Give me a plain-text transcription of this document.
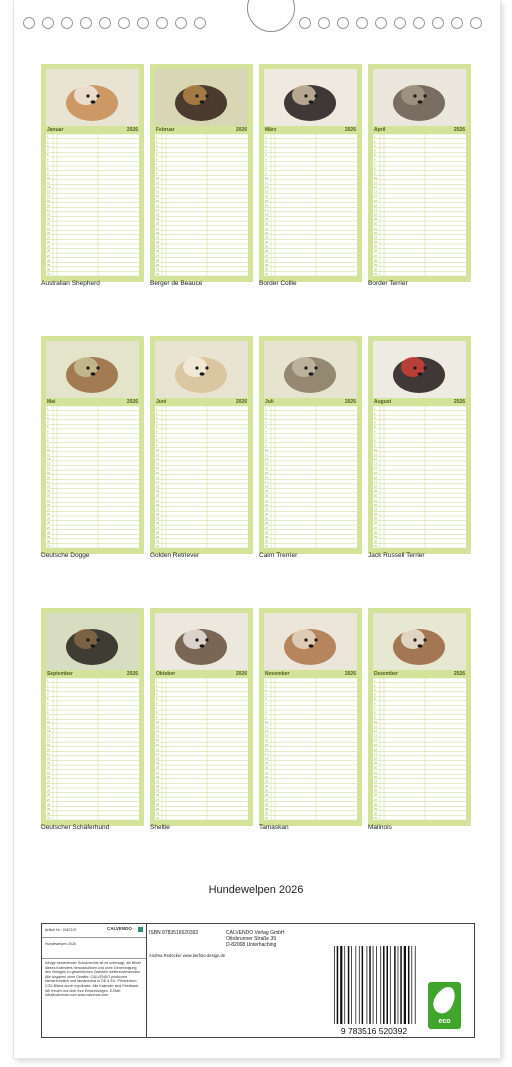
Januar	2026
1
2
3
4
5
6
7
8
9
10
11
12
13
14
15
16
17
18
19
20
21
22
23
24
25
26
27
28
29
30
31
Australian Shepherd
Februar	2026
1
2
3
4
5
6
7
8
9
10
11
12
13
14
15
16
17
18
19
20
21
22
23
24
25
26
27
28
29
30
31
Berger de Beauce
März	2026
1
2
3
4
5
6
7
8
9
10
11
12
13
14
15
16
17
18
19
20
21
22
23
24
25
26
27
28
29
30
31
Border Collie
April	2026
1
2
3
4
5
6
7
8
9
10
11
12
13
14
15
16
17
18
19
20
21
22
23
24
25
26
27
28
29
30
31
Border Terrier
Mai	2026
1
2
3
4
5
6
7
8
9
10
11
12
13
14
15
16
17
18
19
20
21
22
23
24
25
26
27
28
29
30
31
Deutsche Dogge
Juni	2026
1
2
3
4
5
6
7
8
9
10
11
12
13
14
15
16
17
18
19
20
21
22
23
24
25
26
27
28
29
30
31
Golden Retriever
Juli	2026
1
2
3
4
5
6
7
8
9
10
11
12
13
14
15
16
17
18
19
20
21
22
23
24
25
26
27
28
29
30
31
Cairn Trerrier
August	2026
1
2
3
4
5
6
7
8
9
10
11
12
13
14
15
16
17
18
19
20
21
22
23
24
25
26
27
28
29
30
31
Jack Russell Terrier
September	2026
1
2
3
4
5
6
7
8
9
10
11
12
13
14
15
16
17
18
19
20
21
22
23
24
25
26
27
28
29
30
31
Deutscher Schäferhund
Oktober	2026
1
2
3
4
5
6
7
8
9
10
11
12
13
14
15
16
17
18
19
20
21
22
23
24
25
26
27
28
29
30
31
Sheltie
November	2026
1
2
3
4
5
6
7
8
9
10
11
12
13
14
15
16
17
18
19
20
21
22
23
24
25
26
27
28
29
30
31
Tamaskan
Dezember	2026
1
2
3
4
5
6
7
8
9
10
11
12
13
14
15
16
17
18
19
20
21
22
23
24
25
26
27
28
29
30
31
Malinois
Hundewelpen 2026
Artikel Nr.: 2067197	CALVENDO
Hundewelpen 2026
Infolge bestehender Schutzrechte ist es untersagt, die Bilder dieses Kalenders herauszulösen und ohne Genehmigung des Verlages zu gewerblichen Zwecken weiterzuverwenden. Alle Angaben ohne Gewähr. CALVENDO produziert klimafreundlich und klimaneutral in DE & EU. Printversion CO2-Bilanz durch myclimate. Alle Kalender sind Feedback. Wir freuen uns über Ihre Einsendungen. E-Mail: info@calvendo.com www.calvendo.com
ISBN 9783516520392	CALVENDO Verlag GmbH
Ottobrunner Straße 39
D-82008 Unterhaching
Andrea Redecker www.tierfoto-design.de
9 783516 520392
eco
